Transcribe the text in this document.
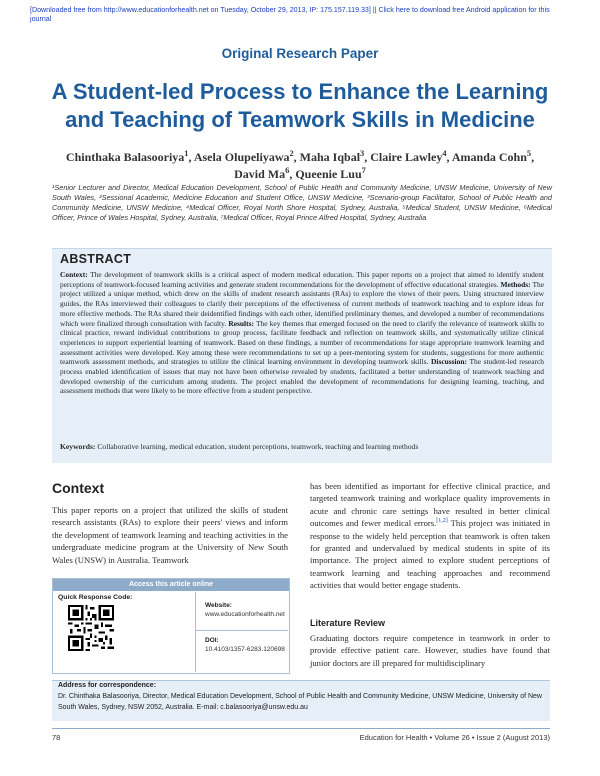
[Downloaded free from http://www.educationforhealth.net on Tuesday, October 29, 2013, IP: 175.157.119.33] || Click here to download free Android application for this
journal
Original Research Paper
A Student-led Process to Enhance the Learning and Teaching of Teamwork Skills in Medicine
Chinthaka Balasooriya$^1$, Asela Olupeliyawa$^2$, Maha Iqbal$^3$, Claire Lawley$^4$, Amanda Cohn$^5$, David Ma$^6$, Queenie Luu$^7$
¹Senior Lecturer and Director, Medical Education Development, School of Public Health and Community Medicine, UNSW Medicine, University of New South Wales, ²Sessional Academic, Medicine Education and Student Office, UNSW Medicine, ³Scenario-group Facilitator, School of Public Health and Community Medicine, UNSW Medicine, ⁴Medical Officer, Royal North Shore Hospital, Sydney, Australia, ⁵Medical Student, UNSW Medicine, ⁶Medical Officer, Prince of Wales Hospital, Sydney, Australia, ⁷Medical Officer, Royal Prince Alfred Hospital, Sydney, Australia
ABSTRACT
Context: The development of teamwork skills is a critical aspect of modern medical education. This paper reports on a project that aimed to identify student perceptions of teamwork-focused learning activities and generate student recommendations for the development of effective educational strategies. Methods: The project utilized a unique method, which drew on the skills of student research assistants (RAs) to explore the views of their peers. Using structured interview guides, the RAs interviewed their colleagues to clarify their perceptions of the effectiveness of current methods of teamwork teaching and to explore ideas for more effective methods. The RAs shared their deidentified findings with each other, identified preliminary themes, and developed a number of recommendations which were finalized through consultation with faculty. Results: The key themes that emerged focused on the need to clarify the relevance of teamwork skills to clinical practice, reward individual contributions to group process, facilitate feedback and reflection on teamwork skills, and systematically utilize clinical experiences to support experiential learning of teamwork. Based on these findings, a number of recommendations for stage appropriate teamwork learning and assessment activities were developed. Key among these were recommendations to set up a peer-mentoring system for students, suggestions for more authentic teamwork assessment methods, and strategies to utilize the clinical learning environment in developing teamwork skills. Discussion: The student-led research process enabled identification of issues that may not have been otherwise revealed by students, facilitated a better understanding of teamwork teaching and developed ownership of the curriculum among students. The project enabled the development of recommendations for designing learning, teaching, and assessment methods that were likely to be more effective from a student perspective.
Keywords: Collaborative learning, medical education, student perceptions, teamwork, teaching and learning methods
Context
This paper reports on a project that utilized the skills of student research assistants (RAs) to explore their peers' views and inform the development of teamwork learning and teaching activities in the undergraduate medicine program at the University of New South Wales (UNSW) in Australia. Teamwork
has been identified as important for effective clinical practice, and targeted teamwork training and workplace quality improvements in acute and chronic care settings have resulted in better clinical outcomes and fewer medical errors.[1,2] This project was initiated in response to the widely held perception that teamwork is often taken for granted and undervalued by medical students in spite of its importance. The project aimed to explore student perceptions of teamwork learning and teaching approaches and recommend activities that would better engage students.
Literature Review
Graduating doctors require competence in teamwork in order to provide effective patient care. However, studies have found that junior doctors are ill prepared for multidisciplinary
Access this article online
Quick Response Code:
Website:
www.educationforhealth.net
DOI:
10.4103/1357-6283.120698
Address for correspondence:
Dr. Chinthaka Balasooriya, Director, Medical Education Development, School of Public Health and Community Medicine, UNSW Medicine, University of New South Wales, Sydney, NSW 2052, Australia. E-mail: c.balasooriya@unsw.edu.au
78	Education for Health • Volume 26 • Issue 2 (August 2013)
